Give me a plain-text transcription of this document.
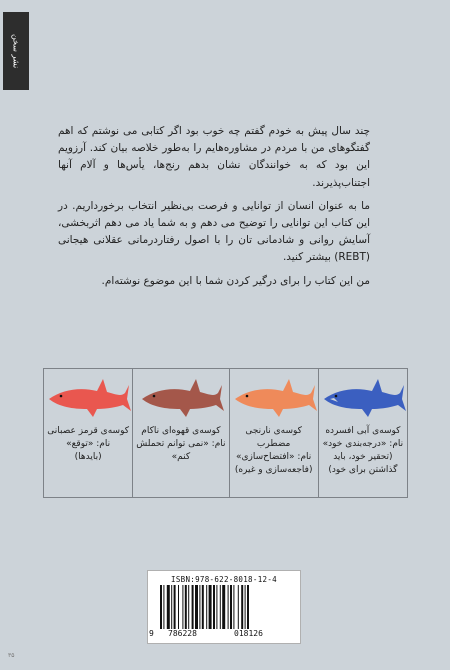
نشر سخن

چند سال پیش به خودم گفتم چه خوب بود اگر کتابی می نوشتم که اهم گفتگوهای من با مردم در مشاوره‌هایم را به‌طور خلاصه بیان کند. آرزویم این بود که به خوانندگان نشان بدهم رنج‌ها، یأس‌ها و آلام آنها اجتناب‌پذیرند.

ما به عنوان انسان از توانایی و فرصت بی‌نظیر انتخاب برخورداریم. در این کتاب این توانایی را توضیح می دهم و به شما یاد می دهم اثربخشی، آسایش روانی و شادمانی تان را با اصول رفتاردرمانی عقلانی هیجانی (REBT) بیشتر کنید.

من این کتاب را برای درگیر کردن شما با این موضوع نوشته‌ام.

کوسه‌ی آبی افسرده
نام: «درجه‌بندی خود»
(تحقیر خود، باید
گذاشتن برای خود)
کوسه‌ی نارنجی
مضطرب
نام: «افتضاح‌سازی»
(فاجعه‌سازی و غیره)
کوسه‌ی قهوه‌ای ناکام
نام: «نمی توانم تحملش
کنم»
کوسه‌ی قرمز عصبانی
نام: «توقع»
(بایدها)
ISBN:978-622-8018-12-4
9 786228	018126
۳۵
